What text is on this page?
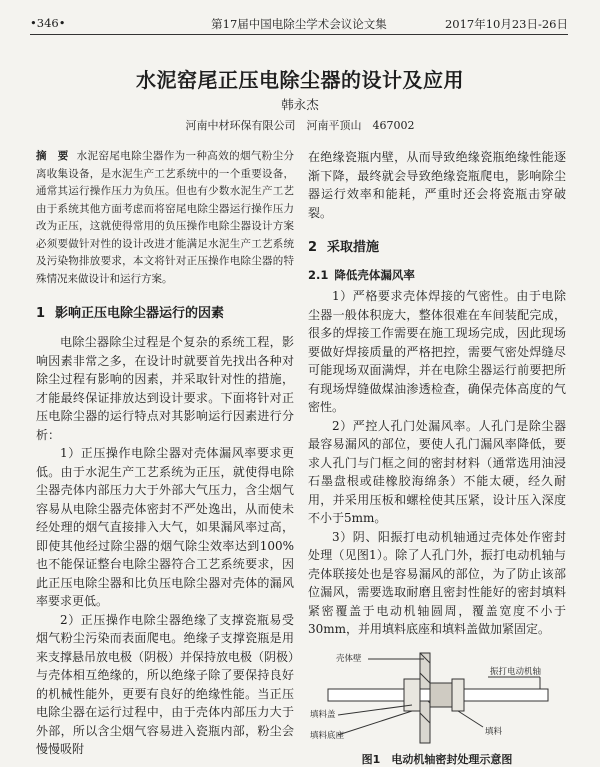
•346•	第17届中国电除尘学术会议论文集	2017年10月23日-26日
水泥窑尾正压电除尘器的设计及应用
韩永杰
河南中材环保有限公司　河南平顶山　467002

摘　要 水泥窑尾电除尘器作为一种高效的烟气粉尘分离收集设备，是水泥生产工艺系统中的一个重要设备，通常其运行操作压力为负压。但也有少数水泥生产工艺由于系统其他方面考虑而将窑尾电除尘器运行操作压力改为正压，这就使得常用的负压操作电除尘器设计方案必须要做针对性的设计改进才能满足水泥生产工艺系统及污染物排放要求，本文将针对正压操作电除尘器的特殊情况来做设计和运行方案。

1 影响正压电除尘器运行的因素

电除尘器除尘过程是个复杂的系统工程，影响因素非常之多，在设计时就要首先找出各种对除尘过程有影响的因素，并采取针对性的措施，才能最终保证排放达到设计要求。下面将针对正压电除尘器的运行特点对其影响运行因素进行分析：

1）正压操作电除尘器对壳体漏风率要求更低。由于水泥生产工艺系统为正压，就使得电除尘器壳体内部压力大于外部大气压力，含尘烟气容易从电除尘器壳体密封不严处逸出，从而使未经处理的烟气直接排入大气，如果漏风率过高，即使其他经过除尘器的烟气除尘效率达到100%也不能保证整台电除尘器符合工艺系统要求，因此正压电除尘器和比负压电除尘器对壳体的漏风率要求更低。

2）正压操作电除尘器绝缘了支撑瓷瓶易受烟气粉尘污染而表面爬电。绝缘子支撑瓷瓶是用来支撑悬吊放电极（阴极）并保持放电极（阴极）与壳体相互绝缘的，所以绝缘子除了要保持良好的机械性能外，更要有良好的绝缘性能。当正压电除尘器在运行过程中，由于壳体内部压力大于外部，所以含尘烟气容易进入瓷瓶内部，粉尘会慢慢吸附

在绝缘瓷瓶内壁，从而导致绝缘瓷瓶绝缘性能逐渐下降，最终就会导致绝缘瓷瓶爬电，影响除尘器运行效率和能耗，严重时还会将瓷瓶击穿破裂。

2 采取措施
2.1 降低壳体漏风率

1）严格要求壳体焊接的气密性。由于电除尘器一般体积庞大，整体很难在车间装配完成，很多的焊接工作需要在施工现场完成，因此现场要做好焊接质量的严格把控，需要气密处焊缝尽可能现场双面满焊，并在电除尘器运行前要把所有现场焊缝做煤油渗透检查，确保壳体高度的气密性。

2）严控人孔门处漏风率。人孔门是除尘器最容易漏风的部位，要使人孔门漏风率降低，要求人孔门与门框之间的密封材料（通常选用油浸石墨盘根或硅橡胶海绵条）不能太硬，经久耐用，并采用压板和螺栓使其压紧，设计压入深度不小于5mm。

3）阴、阳振打电动机轴通过壳体处作密封处理（见图1）。除了人孔门外，振打电动机轴与壳体联接处也是容易漏风的部位，为了防止该部位漏风，需要选取耐磨且密封性能好的密封填料紧密覆盖于电动机轴圆周，覆盖宽度不小于30mm，并用填料底座和填料盖做加紧固定。

壳体壁
振打电动机轴
填料盖
填料底座	填料
图1　电动机轴密封处理示意图
